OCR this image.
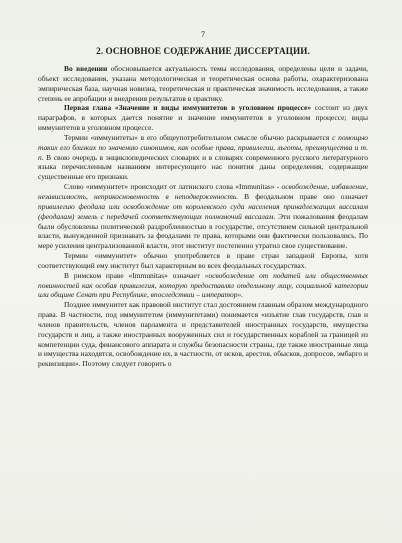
7
2. ОСНОВНОЕ СОДЕРЖАНИЕ ДИССЕРТАЦИИ.

Во введении обосновывается актуальность темы исследования, определены цели и задачи, объект исследования, указана методологическая и теоретическая основа работы, охарактеризована эмпирическая база, научная новизна, теоретическая и практическая значимость исследования, а также степень ее апробации и внедрения результатов в практику.

Первая глава «Значение и виды иммунитетов в уголовном процессе» состоит из двух параграфов, в которых дается понятие и значение иммунитетов в уголовном процессе; виды иммунитетов в уголовном процессе.

Термин «иммунитеты» в его общеупотребительном смысле обычно раскрывается с помощью таких его близких по значению синонимов, как особые права, привилегии, льготы, преимущества и т. п. В свою очередь в энциклопедических словарях и в словарях современного русского литературного языка перечисленным названиям интересующего нас понятия даны определения, содержащие существенные его признаки.

Слово «иммунитет» происходит от латинского слова «Immunitas» - освобождение, избавление, независимость, неприкосновенность в неподверженность. В феодальном праве оно означает привилегию феодала или освобождение от королевского суда населения принадлежащих вассалам (феодалам) земель с передачей соответствующих полномочий вассалам. Эти пожалования феодалам были обусловлены политической раздробленностью в государстве, отсутствием сильной центральной власти, вынужденной признавать за феодалами те права, которыми они фактически пользовались. По мере усиления централизованной власти, этот институт постепенно утратил свое существование.

Термин «иммунитет» обычно употребляется в праве стран западной Европы, хотя соответствующий ему институт был характерным во всех феодальных государствах.

В римском праве «Immunitas» означает «освобождение от податей или общественных повинностей как особая привилегия, которую предоставлял отдельному лицу, социальной категории или общине Сенат при Республике, впоследствии – император».

Позднее иммунитет как правовой институт стал достоянием главным образом международного права. В частности, под иммунитетом (иммунитетами) понимается «изъятие глав государств, глав и членов правительств, членов парламента и представителей иностранных государств, имущества государств и лиц, а также иностранных вооруженных сил и государственных кораблей за границей из компетенции суда, финансового аппарата и службы безопасности страны, где также иностранные лица и имущества находятся, освобождение их, в частности, от исков, арестов, обысков, допросов, эмбарго и реквизиции». Поэтому следует говорить о
